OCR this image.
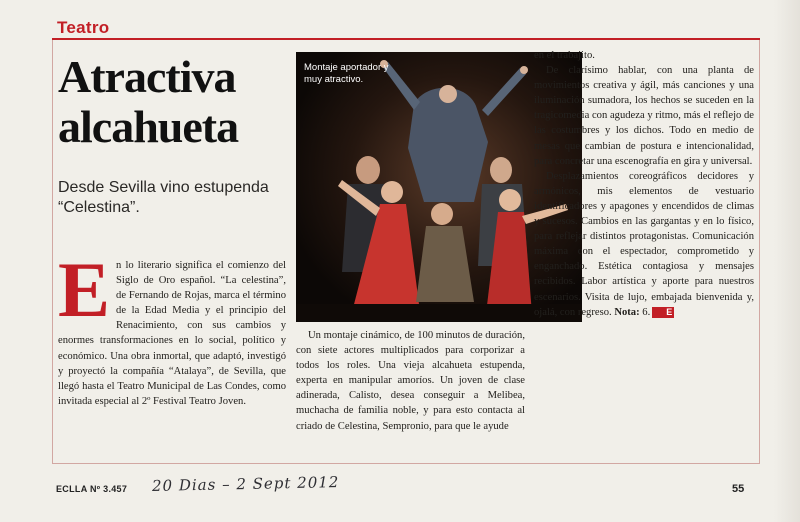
Teatro
Atractiva alcahueta
Desde Sevilla vino estupenda “Celestina”.
E n lo literario significa el comienzo del Siglo de Oro español. “La celestina”, de Fernando de Rojas, marca el término de la Edad Media y el principio del Renacimiento, con sus cambios y enormes transformaciones en lo social, político y económico. Una obra inmortal, que adaptó, investigó y proyectó la compañía “Atalaya”, de Sevilla, que llegó hasta el Teatro Municipal de Las Condes, como invitada especial al 2º Festival Teatro Joven.
Montaje aportador y muy atractivo.

Un montaje cinámico, de 100 minutos de duración, con siete actores multiplicados para corporizar a todos los roles. Una vieja alcahueta estupenda, experta en manipular amoríos. Un joven de clase adinerada, Calisto, desea conseguir a Melibea, muchacha de familia noble, y para esto contacta al criado de Celestina, Sempronio, para que le ayude

en el trabajito.

De clarísimo hablar, con una planta de movimientos creativa y ágil, más canciones y una iluminación sumadora, los hechos se suceden en la tragicomedia con agudeza y ritmo, más el reflejo de las costumbres y los dichos. Todo en medio de mesas que cambian de postura e intencionalidad, para concretar una escenografía en gira y universal.

Desplazamientos coreográficos decidores y armónicos, mis elementos de vestuario identificadores y apagones y encendidos de climas y sucesos. Cambios en las gargantas y en lo físico, para reflejar distintos protagonistas. Comunicación máxima con el espectador, comprometido y enganchado. Estética contagiosa y mensajes recibidos. Labor artística y aporte para nuestros escenarios. Visita de lujo, embajada bienvenida y, ojalá, con regreso. Nota: 6. E

ECLLA Nº 3.457 20 Dias – 2 Sept 2012	55
